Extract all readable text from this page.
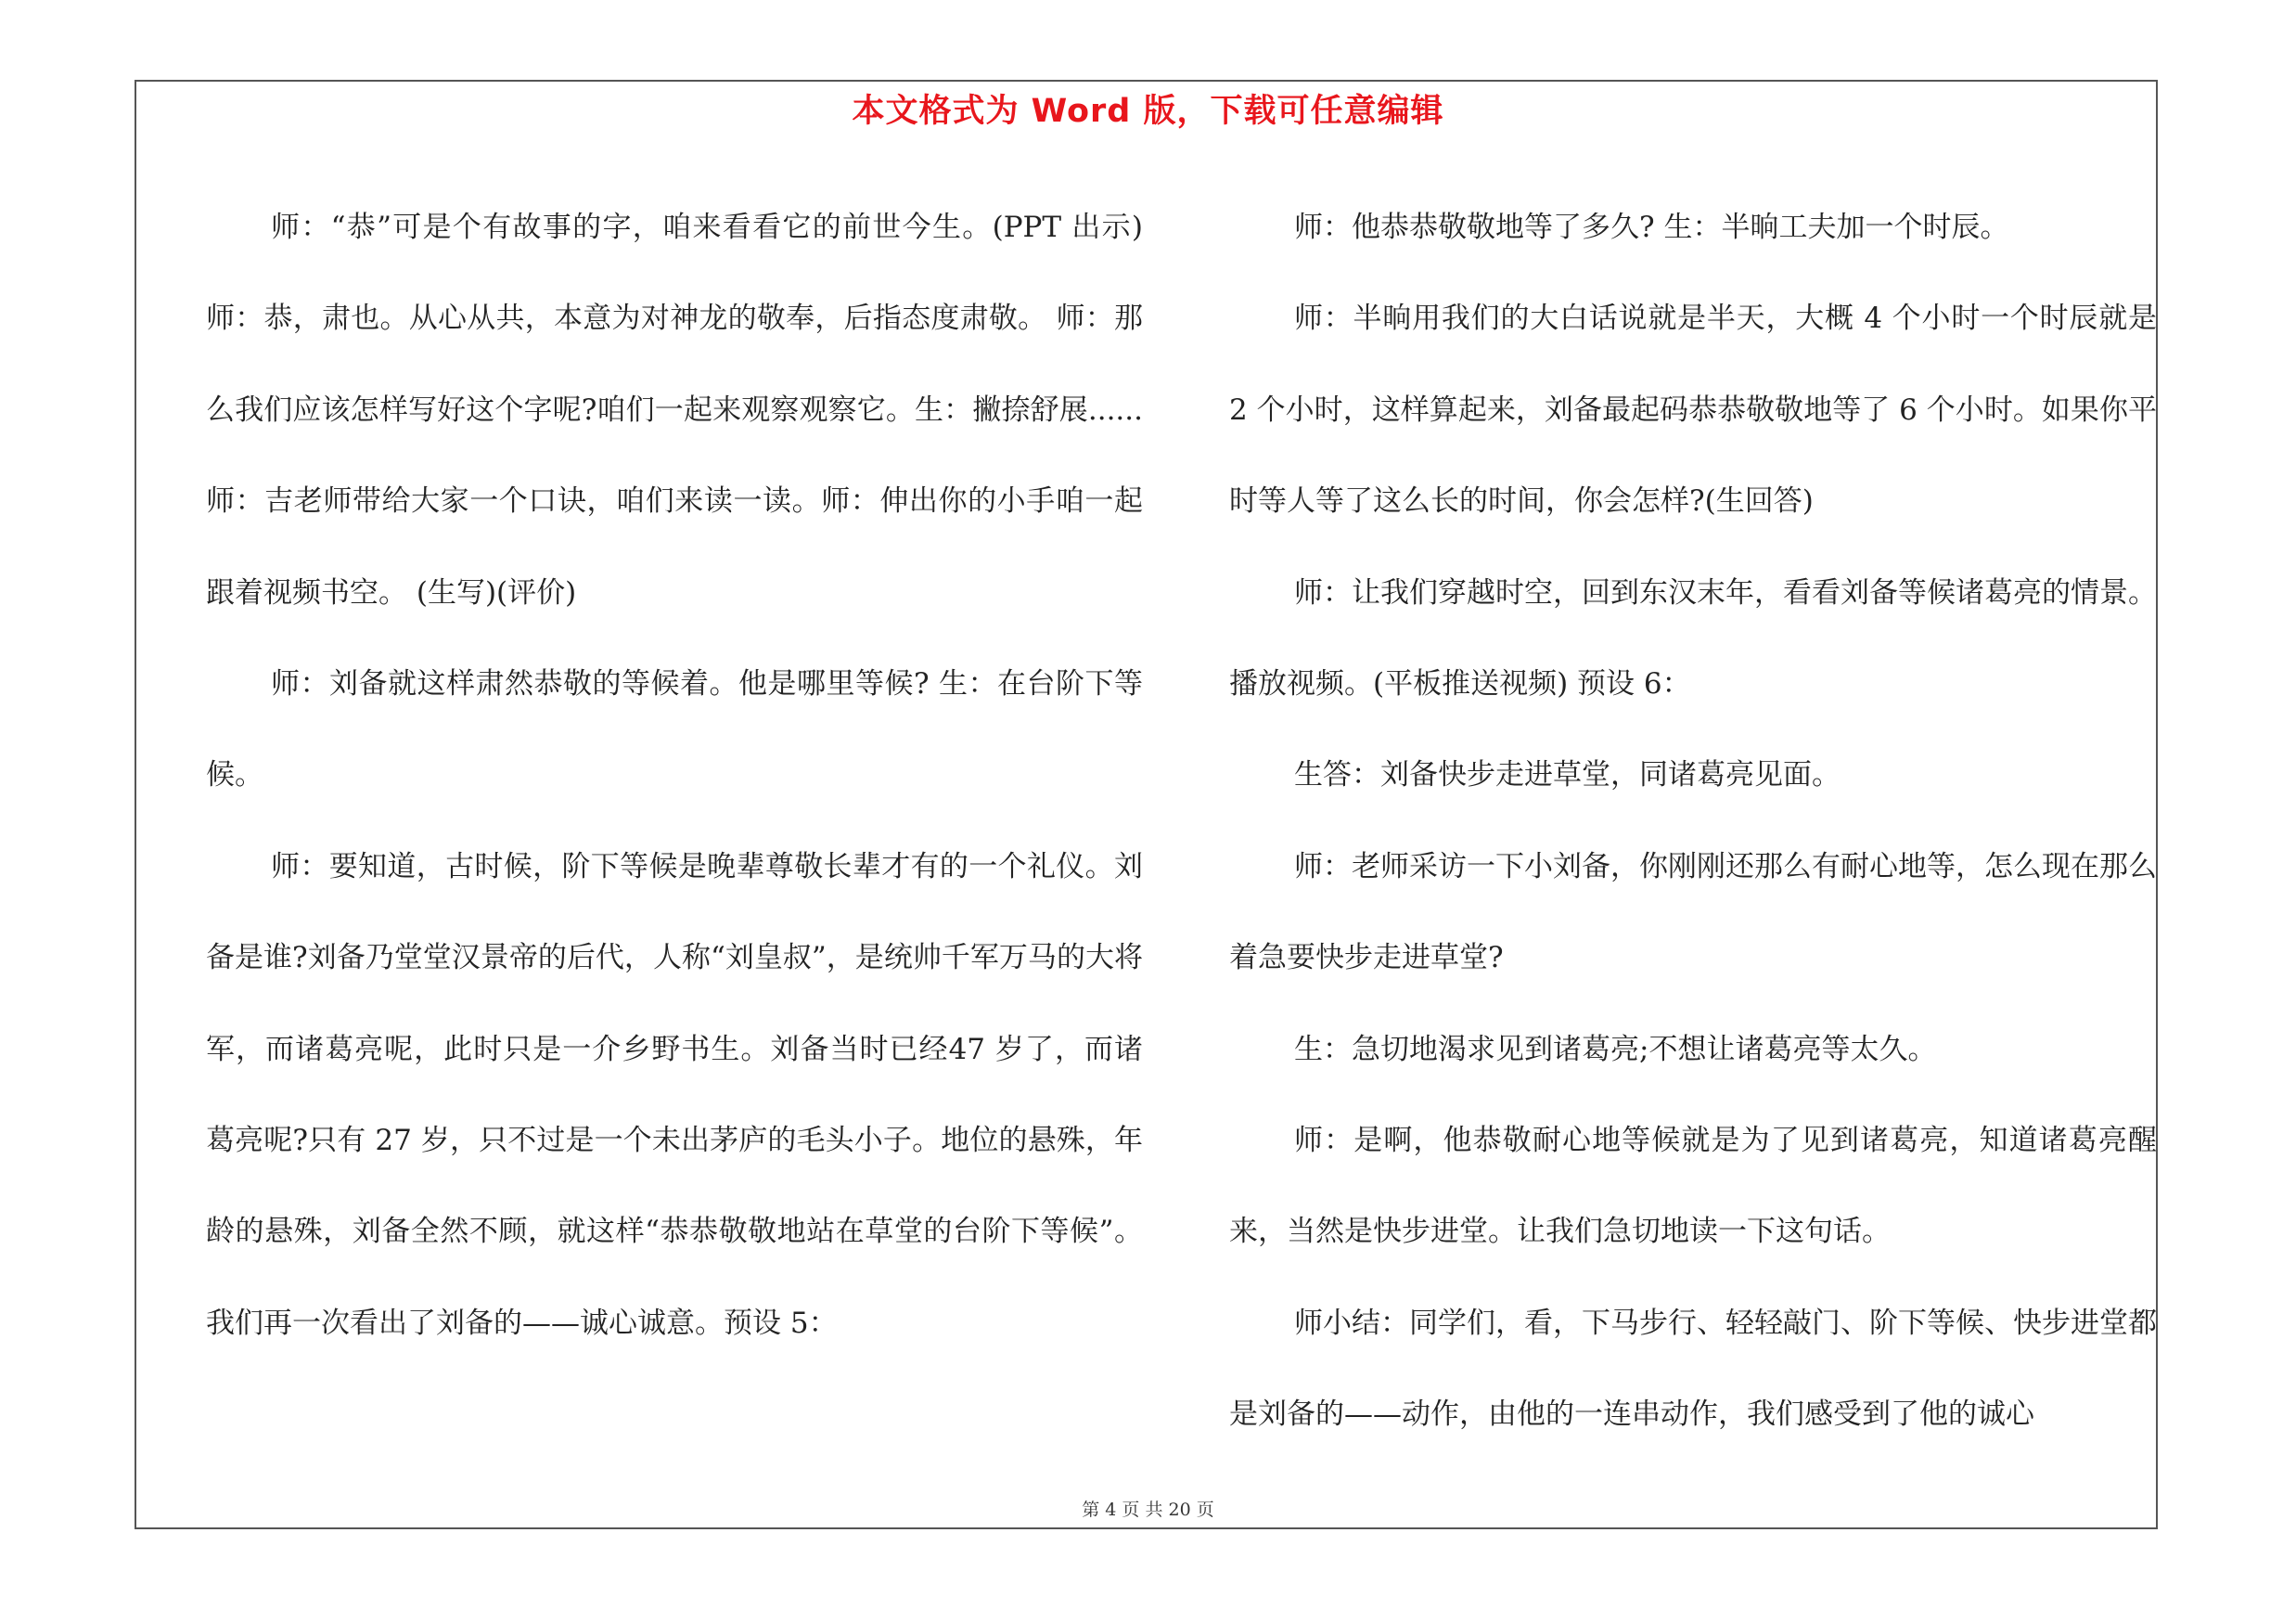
本文格式为 Word 版，下载可任意编辑

师：“恭”可是个有故事的字，咱来看看它的前世今生。(PPT 出示) 师：恭，肃也。从心从共，本意为对神龙的敬奉，后指态度肃敬。 师：那么我们应该怎样写好这个字呢?咱们一起来观察观察它。生：撇捺舒展...... 师：吉老师带给大家一个口诀，咱们来读一读。师：伸出你的小手咱一起跟着视频书空。 (生写)(评价)

师：刘备就这样肃然恭敬的等候着。他是哪里等候? 生：在台阶下等候。

师：要知道，古时候，阶下等候是晚辈尊敬长辈才有的一个礼仪。刘备是谁?刘备乃堂堂汉景帝的后代，人称“刘皇叔”，是统帅千军万马的大将军，而诸葛亮呢，此时只是一介乡野书生。刘备当时已经47 岁了，而诸葛亮呢?只有 27 岁，只不过是一个未出茅庐的毛头小子。地位的悬殊，年龄的悬殊，刘备全然不顾，就这样“恭恭敬敬地站在草堂的台阶下等候”。我们再一次看出了刘备的——诚心诚意。预设 5：

师：他恭恭敬敬地等了多久? 生：半晌工夫加一个时辰。

师：半晌用我们的大白话说就是半天，大概 4 个小时一个时辰就是 2 个小时，这样算起来，刘备最起码恭恭敬敬地等了 6 个小时。如果你平时等人等了这么长的时间，你会怎样?(生回答)

师：让我们穿越时空，回到东汉末年，看看刘备等候诸葛亮的情景。 播放视频。(平板推送视频) 预设 6：

生答：刘备快步走进草堂，同诸葛亮见面。

师：老师采访一下小刘备，你刚刚还那么有耐心地等，怎么现在那么着急要快步走进草堂?

生：急切地渴求见到诸葛亮;不想让诸葛亮等太久。

师：是啊，他恭敬耐心地等候就是为了见到诸葛亮，知道诸葛亮醒来，当然是快步进堂。让我们急切地读一下这句话。

师小结：同学们，看，下马步行、轻轻敲门、阶下等候、快步进堂都是刘备的——动作，由他的一连串动作，我们感受到了他的诚心

第 4 页 共 20 页
